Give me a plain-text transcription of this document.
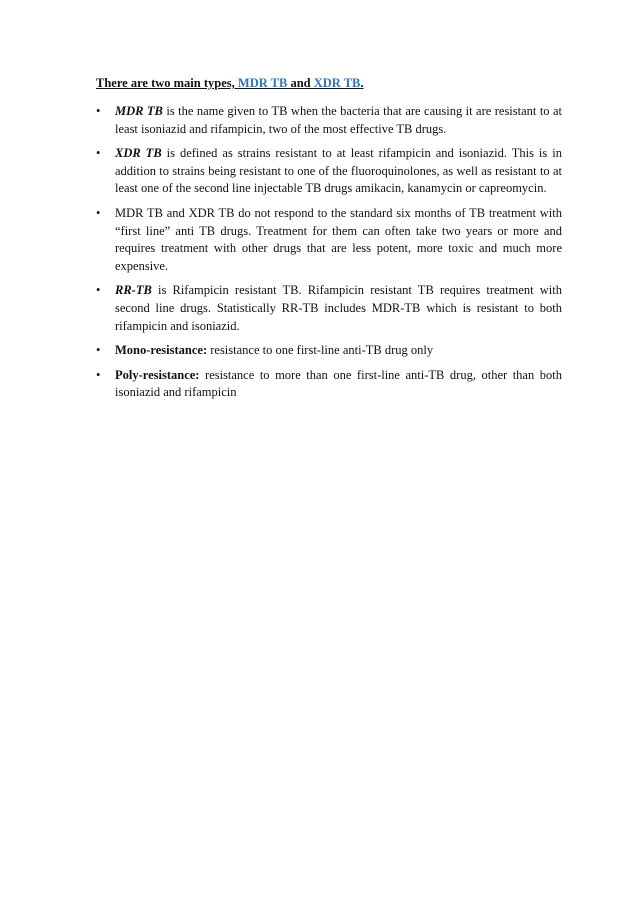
There are two main types, MDR TB and XDR TB.

• MDR TB is the name given to TB when the bacteria that are causing it are resistant to at least isoniazid and rifampicin, two of the most effective TB drugs.
• XDR TB is defined as strains resistant to at least rifampicin and isoniazid. This is in addition to strains being resistant to one of the fluoroquinolones, as well as resistant to at least one of the second line injectable TB drugs amikacin, kanamycin or capreomycin.
• MDR TB and XDR TB do not respond to the standard six months of TB treatment with “first line” anti TB drugs. Treatment for them can often take two years or more and requires treatment with other drugs that are less potent, more toxic and much more expensive.
• RR-TB is Rifampicin resistant TB. Rifampicin resistant TB requires treatment with second line drugs. Statistically RR-TB includes MDR-TB which is resistant to both rifampicin and isoniazid.
• Mono-resistance: resistance to one first-line anti-TB drug only
• Poly-resistance: resistance to more than one first-line anti-TB drug, other than both isoniazid and rifampicin
